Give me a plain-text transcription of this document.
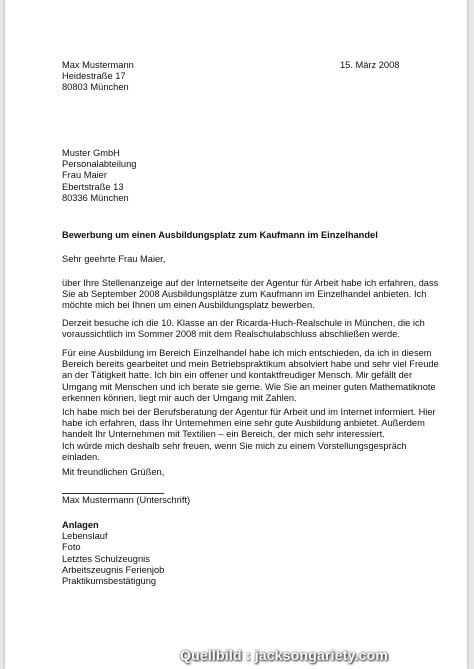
Max Mustermann
Heidestraße 17
80803 München
15. März 2008
Muster GmbH
Personalabteilung
Frau Maier
Ebertstraße 13
80336 München
Bewerbung um einen Ausbildungsplatz zum Kaufmann im Einzelhandel
Sehr geehrte Frau Maier,
über Ihre Stellenanzeige auf der Internetseite der Agentur für Arbeit habe ich erfahren, dass
Sie ab September 2008 Ausbildungsplätze zum Kaufmann im Einzelhandel anbieten. Ich
möchte mich bei Ihnen um einen Ausbildungsplatz bewerben.
Derzeit besuche ich die 10. Klasse an der Ricarda-Huch-Realschule in München, die ich
voraussichtlich im Sommer 2008 mit dem Realschulabschluss abschließen werde.
Für eine Ausbildung im Bereich Einzelhandel habe ich mich entschieden, da ich in diesem
Bereich bereits gearbeitet und mein Betriebspraktikum absolviert habe und sehr viel Freude
an der Tätigkeit hatte. Ich bin ein offener und kontaktfreudiger Mensch. Mir gefällt der
Umgang mit Menschen und ich berate sie gerne. Wie Sie an meiner guten Mathematiknote
erkennen können, liegt mir auch der Umgang mit Zahlen.
Ich habe mich bei der Berufsberatung der Agentur für Arbeit und im Internet informiert. Hier
habe ich erfahren, dass Ihr Unternehmen eine sehr gute Ausbildung anbietet. Außerdem
handelt Ihr Unternehmen mit Textilien – ein Bereich, der mich sehr interessiert.
Ich würde mich deshalb sehr freuen, wenn Sie mich zu einem Vorstellungsgespräch
einladen.
Mit freundlichen Grüßen,
Max Mustermann (Unterschrift)
Anlagen
Lebenslauf
Foto
Letztes Schulzeugnis
Arbeitszeugnis Ferienjob
Praktikumsbestätigung
Quellbild : jacksongariety.com
